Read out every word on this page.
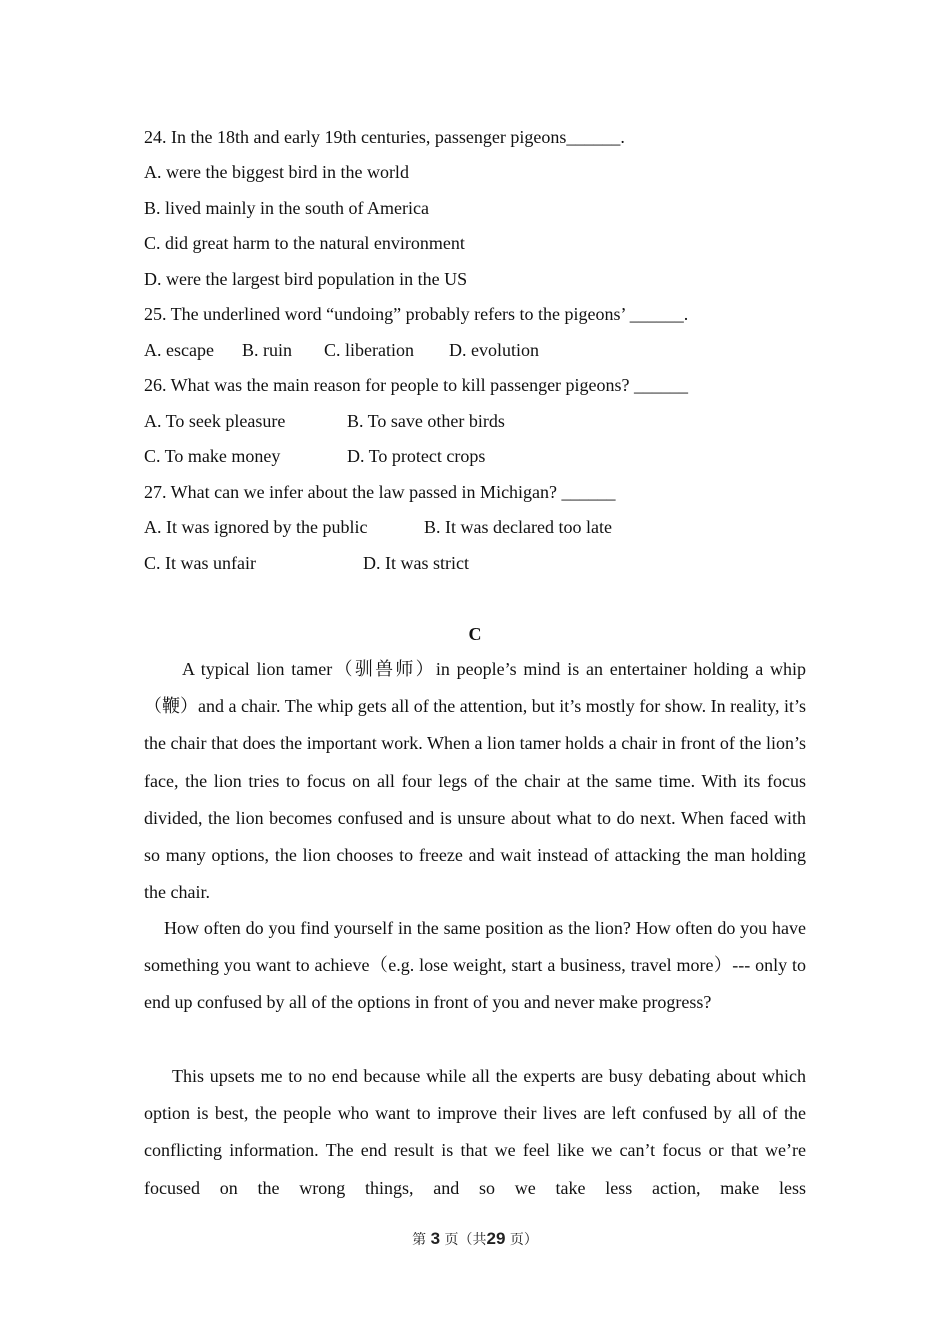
24. In the 18th and early 19th centuries, passenger pigeons______.
A. were the biggest bird in the world
B. lived mainly in the south of America
C. did great harm to the natural environment
D. were the largest bird population in the US
25. The underlined word “undoing” probably refers to the pigeons’ ______.
A. escape B. ruin C. liberation D. evolution
26. What was the main reason for people to kill passenger pigeons? ______
A. To seek pleasure	B. To save other birds
C. To make money	D. To protect crops
27. What can we infer about the law passed in Michigan? ______
A. It was ignored by the public	B. It was declared too late
C. It was unfair	D. It was strict
C

A typical lion tamer（驯兽师）in people’s mind is an entertainer holding a whip（鞭）and a chair. The whip gets all of the attention, but it’s mostly for show. In reality, it’s the chair that does the important work. When a lion tamer holds a chair in front of the lion’s face, the lion tries to focus on all four legs of the chair at the same time. With its focus divided, the lion becomes confused and is unsure about what to do next. When faced with so many options, the lion chooses to freeze and wait instead of attacking the man holding the chair.

How often do you find yourself in the same position as the lion? How often do you have something you want to achieve（e.g. lose weight, start a business, travel more）--- only to end up confused by all of the options in front of you and never make progress?

This upsets me to no end because while all the experts are busy debating about which option is best, the people who want to improve their lives are left confused by all of the conflicting information. The end result is that we feel like we can’t focus or that we’re focused on the wrong things, and so we take less action, make less

第 3 页（共29 页）
